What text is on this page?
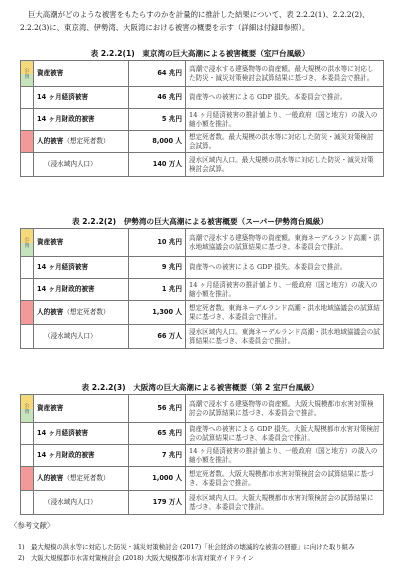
巨大高潮がどのような被害をもたらすのかを計量的に推計した結果について、表 2.2.2(1)、2.2.2(2)、2.2.2(3)に、東京湾、伊勢湾、大阪湾における被害の概要を示す（詳細は付録Ⅱ参照）。
表 2.2.2(1)　東京湾の巨大高潮による被害概要（室戸台風級）
公　資	資産被害	64 兆円	高潮で浸水する建築物等の資産額。最大規模の洪水等に対応した防災・減災対策検討会試算結果に基づき、本委員会で推計。
	14 ヶ月経済被害	46 兆円	資産等への被害による GDP 損失。本委員会で推計。
	14 ヶ月財政的被害	5 兆円	14 ヶ月経済被害の推計値より、一般政府（国と地方）の歳入の縮小額を推計。
	人的被害（想定死者数）	8,000 人	想定死者数。最大規模の洪水等に対応した防災・減災対策検討会試算。
	（浸水域内人口）	140 万人	浸水区域内人口。最大規模の洪水等に対応した防災・減災対策検討会試算。
表 2.2.2(2)　伊勢湾の巨大高潮による被害概要（スーパー伊勢湾台風級）
公　資	資産被害	10 兆円	高潮で浸水する建築物等の資産額。東海ネーデルランド高潮・洪水地域協議会の試算結果に基づき、本委員会で推計。
	14 ヶ月経済被害	9 兆円	資産等への被害による GDP 損失。本委員会で推計。
	14 ヶ月財政的被害	1 兆円	14 ヶ月経済被害の推計値より、一般政府（国と地方）の歳入の縮小額を推計。
	人的被害（想定死者数）	1,300 人	想定死者数。東海ネーデルランド高潮・洪水地域協議会の試算結果に基づき、本委員会で推計。
	（浸水域内人口）	66 万人	浸水区域内人口。東海ネーデルランド高潮・洪水地域協議会の試算結果に基づき、本委員会で推計。
表 2.2.2(3)　大阪湾の巨大高潮による被害概要（第 2 室戸台風級）
公　資	資産被害	56 兆円	高潮で浸水する建築物等の資産額。大阪大規模都市水害対策検討会の試算結果に基づき、本委員会で推計。
	14 ヶ月経済被害	65 兆円	資産等への被害による GDP 損失。大阪大規模都市水害対策検討会の試算結果に基づき、本委員会で推計。
	14 ヶ月財政的被害	7 兆円	14 ヶ月経済被害の推計値より、一般政府（国と地方）の歳入の縮小額を推計。
	人的被害（想定死者数）	1,000 人	想定死者数。大阪大規模都市水害対策検討会の試算結果に基づき、本委員会で推計。
	（浸水域内人口）	179 万人	浸水区域内人口。大阪大規模都市水害対策検討会の試算結果に基づき、本委員会で推計。
〈参考文献〉
1)　最大規模の洪水等に対応した防災・減災対策検討会 (2017)「社会経済の壊滅的な被害の回避」に向けた取り組み
2)　大阪大規模都市水害対策検討会 (2018) 大阪大規模都市水害対策ガイドライン
